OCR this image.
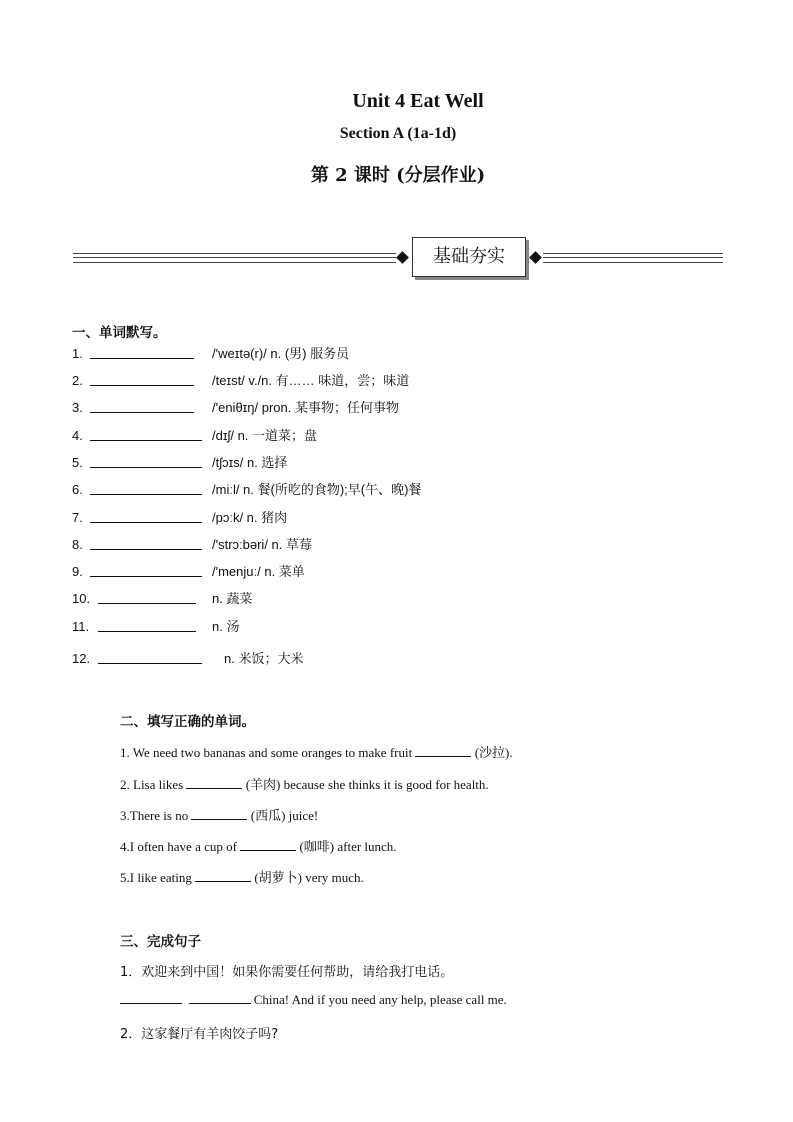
Unit 4 Eat Well
Section A (1a-1d)
第 2 课时 (分层作业)
基础夯实
一、单词默写。
1.	/'weɪtə(r)/ n. (男) 服务员
2.	/teɪst/ v./n. 有…… 味道，尝；味道
3.	/'eniθɪŋ/ pron. 某事物；任何事物
4.	/dɪʃ/ n. 一道菜；盘
5.	/tʃɔɪs/ n. 选择
6.	/miːl/ n. 餐(所吃的食物);早(午、晚)餐
7.	/pɔːk/ n. 猪肉
8.	/'strɔːbəri/ n. 草莓
9.	/'menjuː/ n. 菜单
10.	n. 蔬菜
11.	n. 汤
12.	n. 米饭；大米
二、填写正确的单词。
1. We need two bananas and some oranges to make fruit	(沙拉).
2. Lisa likes	(羊肉) because she thinks it is good for health.
3.There is no	(西瓜) juice!
4.I often have a cup of	(咖啡) after lunch.
5.I like eating	(胡萝卜) very much.
三、完成句子
1．欢迎来到中国！如果你需要任何帮助，请给我打电话。
China! And if you need any help, please call me.
2．这家餐厅有羊肉饺子吗?
